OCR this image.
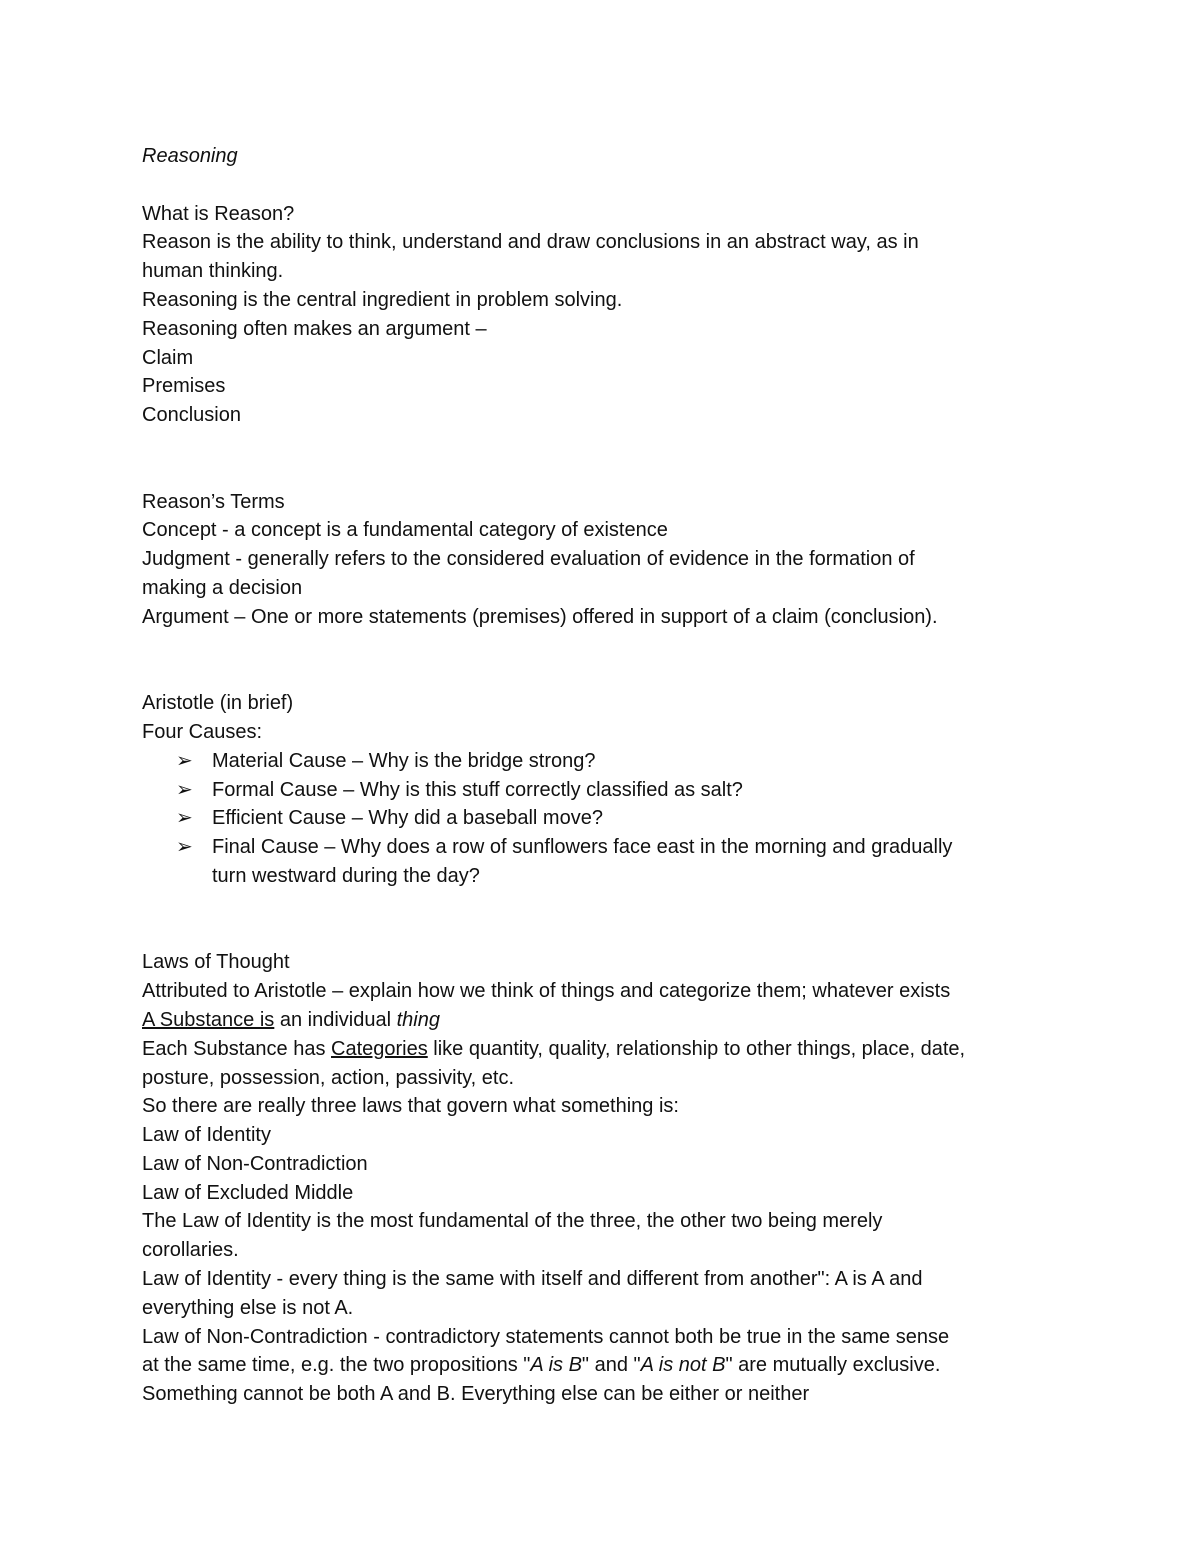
Reasoning
What is Reason?
Reason is the ability to think, understand and draw conclusions in an abstract way, as in
human thinking.
Reasoning is the central ingredient in problem solving.
Reasoning often makes an argument –
Claim
Premises
Conclusion
Reason’s Terms
Concept - a concept is a fundamental category of existence
Judgment - generally refers to the considered evaluation of evidence in the formation of
making a decision
Argument – One or more statements (premises) offered in support of a claim (conclusion).
Aristotle (in brief)
Four Causes:
➢ Material Cause – Why is the bridge strong?
➢ Formal Cause – Why is this stuff correctly classified as salt?
➢ Efficient Cause – Why did a baseball move?
➢ Final Cause – Why does a row of sunflowers face east in the morning and gradually
turn westward during the day?
Laws of Thought
Attributed to Aristotle – explain how we think of things and categorize them; whatever exists
A Substance is an individual thing
Each Substance has Categories like quantity, quality, relationship to other things, place, date,
posture, possession, action, passivity, etc.
So there are really three laws that govern what something is:
Law of Identity
Law of Non-Contradiction
Law of Excluded Middle
The Law of Identity is the most fundamental of the three, the other two being merely
corollaries.
Law of Identity - every thing is the same with itself and different from another": A is A and
everything else is not A.
Law of Non-Contradiction - contradictory statements cannot both be true in the same sense
at the same time, e.g. the two propositions "A is B" and "A is not B" are mutually exclusive.
Something cannot be both A and B. Everything else can be either or neither
